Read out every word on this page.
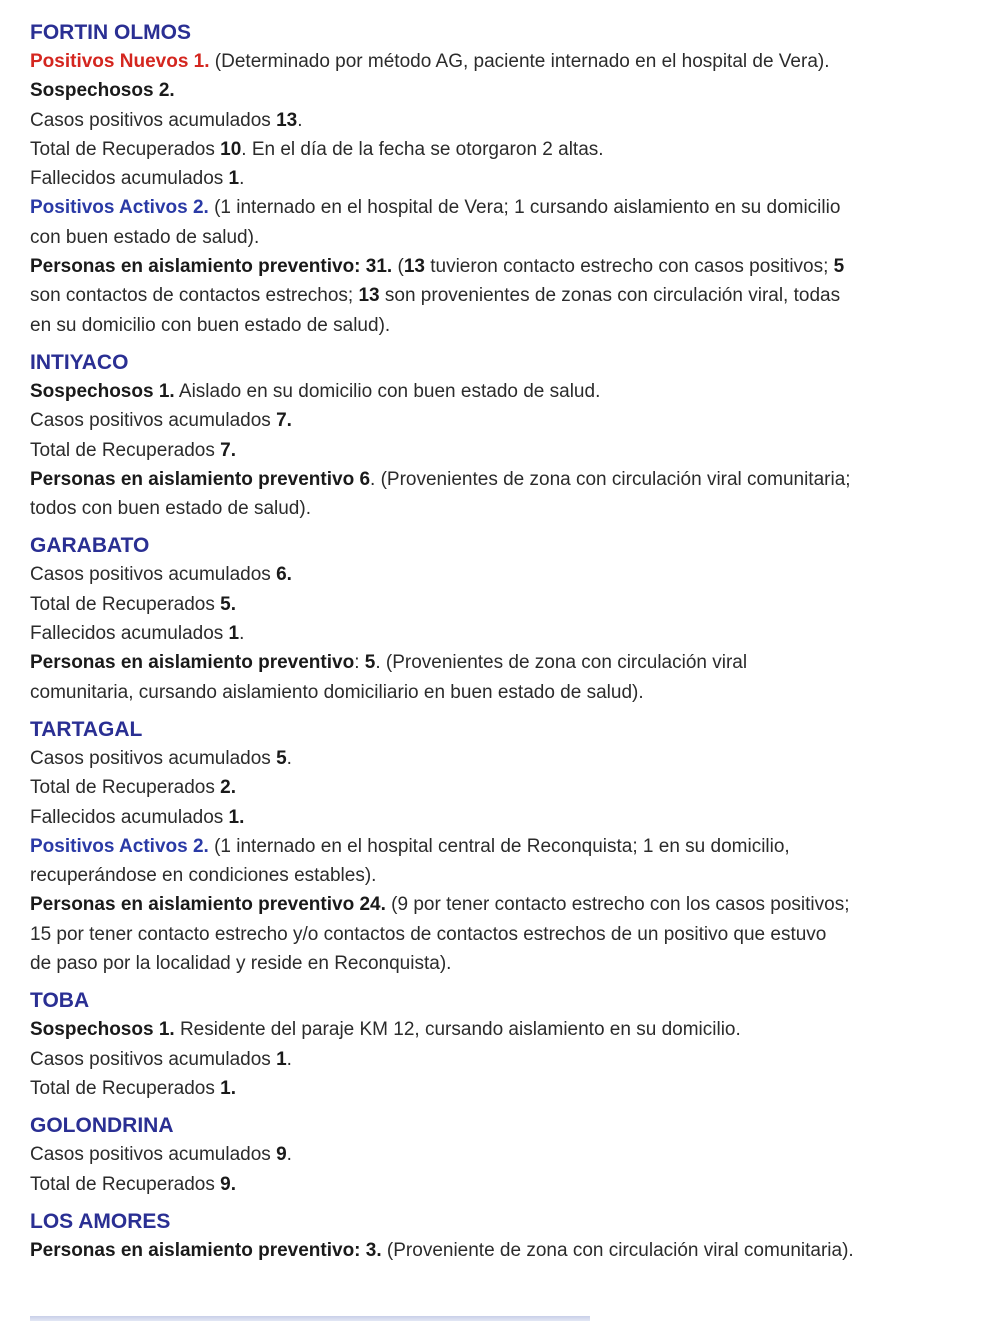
FORTIN OLMOS

Positivos Nuevos 1. (Determinado por método AG, paciente internado en el hospital de Vera).

Sospechosos 2.

Casos positivos acumulados 13.

Total de Recuperados 10. En el día de la fecha se otorgaron 2 altas.

Fallecidos acumulados 1.

Positivos Activos 2. (1 internado en el hospital de Vera; 1 cursando aislamiento en su domicilio

con buen estado de salud).

Personas en aislamiento preventivo: 31. (13 tuvieron contacto estrecho con casos positivos; 5

son contactos de contactos estrechos; 13 son provenientes de zonas con circulación viral, todas

en su domicilio con buen estado de salud).

INTIYACO

Sospechosos 1. Aislado en su domicilio con buen estado de salud.

Casos positivos acumulados 7.

Total de Recuperados 7.

Personas en aislamiento preventivo 6. (Provenientes de zona con circulación viral comunitaria;

todos con buen estado de salud).

GARABATO

Casos positivos acumulados 6.

Total de Recuperados 5.

Fallecidos acumulados 1.

Personas en aislamiento preventivo: 5. (Provenientes de zona con circulación viral

comunitaria, cursando aislamiento domiciliario en buen estado de salud).

TARTAGAL

Casos positivos acumulados 5.

Total de Recuperados 2.

Fallecidos acumulados 1.

Positivos Activos 2. (1 internado en el hospital central de Reconquista; 1 en su domicilio,

recuperándose en condiciones estables).

Personas en aislamiento preventivo 24. (9 por tener contacto estrecho con los casos positivos;

15 por tener contacto estrecho y/o contactos de contactos estrechos de un positivo que estuvo

de paso por la localidad y reside en Reconquista).

TOBA

Sospechosos 1. Residente del paraje KM 12, cursando aislamiento en su domicilio.

Casos positivos acumulados 1.

Total de Recuperados 1.

GOLONDRINA

Casos positivos acumulados 9.

Total de Recuperados 9.

LOS AMORES

Personas en aislamiento preventivo: 3. (Proveniente de zona con circulación viral comunitaria).
